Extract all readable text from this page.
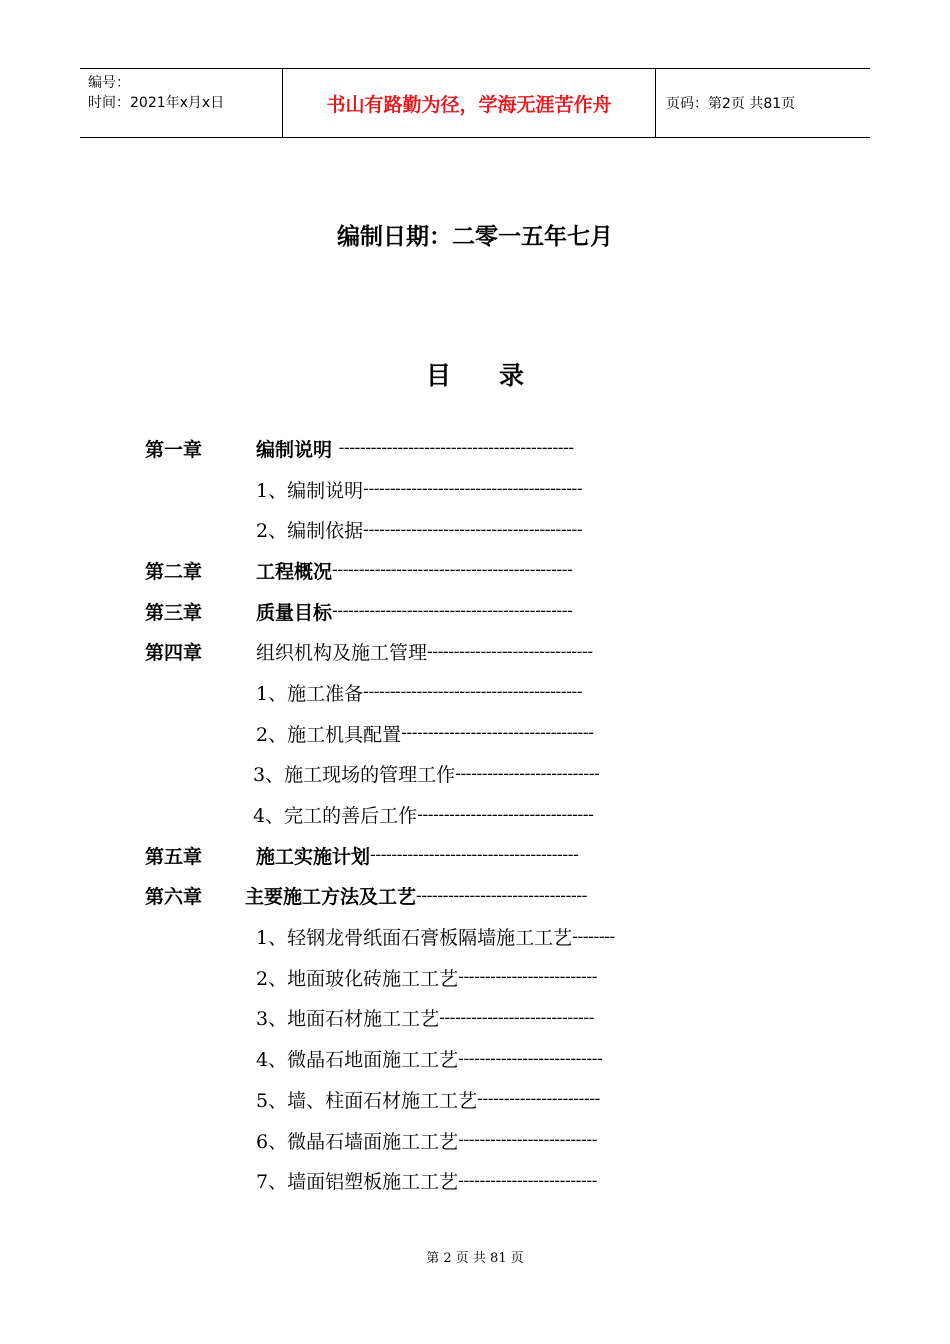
编号：
时间：2021年x月x日	书山有路勤为径，学海无涯苦作舟	页码：第2页 共81页
编制日期：二零一五年七月
目录
第一章	编制说明 --------------------------------------------
1、编制说明 -----------------------------------------
2、编制依据 -----------------------------------------
第二章	工程概况 ---------------------------------------------
第三章	质量目标 ---------------------------------------------
第四章	组织机构及施工管理 -------------------------------
1、施工准备 -----------------------------------------
2、施工机具配置 ------------------------------------
3、施工现场的管理工作 ---------------------------
4、完工的善后工作 ---------------------------------
第五章	施工实施计划 ---------------------------------------
第六章	主要施工方法及工艺 --------------------------------
1、轻钢龙骨纸面石膏板隔墙施工工艺 --------
2、地面玻化砖施工工艺 --------------------------
3、地面石材施工工艺 -----------------------------
4、微晶石地面施工工艺 ---------------------------
5、墙、柱面石材施工工艺 -----------------------
6、微晶石墙面施工工艺 --------------------------
7、墙面铝塑板施工工艺 --------------------------
第 2 页 共 81 页
